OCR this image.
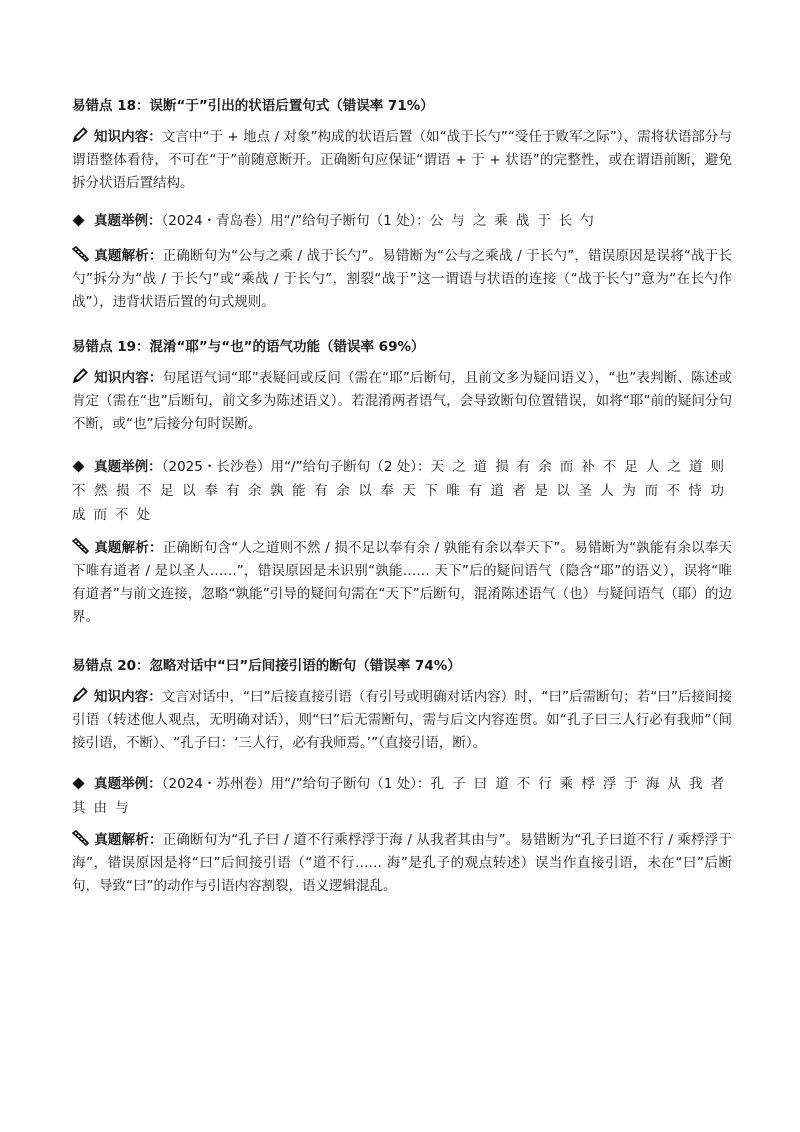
易错点 18：误断“于”引出的状语后置句式（错误率 71%）
知识内容：文言中“于 + 地点 / 对象”构成的状语后置（如“战于长勺”“受任于败军之际”），需将状语部分与谓语整体看待，不可在“于”前随意断开。正确断句应保证“谓语 + 于 + 状语”的完整性，或在谓语前断，避免拆分状语后置结构。
真题举例：（2024・青岛卷）用“/”给句子断句（1 处）：公与之乘战于长勺
真题解析：正确断句为“公与之乘 / 战于长勺”。易错断为“公与之乘战 / 于长勺”，错误原因是误将“战于长勺”拆分为“战 / 于长勺”或“乘战 / 于长勺”，割裂“战于”这一谓语与状语的连接（“战于长勺”意为“在长勺作战”），违背状语后置的句式规则。
易错点 19：混淆“耶”与“也”的语气功能（错误率 69%）
知识内容：句尾语气词“耶”表疑问或反问（需在“耶”后断句，且前文多为疑问语义），“也”表判断、陈述或肯定（需在“也”后断句，前文多为陈述语义）。若混淆两者语气，会导致断句位置错误，如将“耶”前的疑问分句不断，或“也”后接分句时误断。
真题举例：（2025・长沙卷）用“/”给句子断句（2 处）：天之道损有余而补不足人之道则不然损不足以奉有余孰能有余以奉天下唯有道者是以圣人为而不恃功成而不处
真题解析：正确断句含“人之道则不然 / 损不足以奉有余 / 孰能有余以奉天下”。易错断为“孰能有余以奉天下唯有道者 / 是以圣人……”，错误原因是未识别“孰能…… 天下”后的疑问语气（隐含“耶”的语义），误将“唯有道者”与前文连接，忽略“孰能”引导的疑问句需在“天下”后断句，混淆陈述语气（也）与疑问语气（耶）的边界。
易错点 20：忽略对话中“曰”后间接引语的断句（错误率 74%）
知识内容：文言对话中，“曰”后接直接引语（有引号或明确对话内容）时，“曰”后需断句；若“曰”后接间接引语（转述他人观点，无明确对话），则“曰”后无需断句，需与后文内容连贯。如“孔子曰三人行必有我师”（间接引语，不断）、“孔子曰：‘三人行，必有我师焉。’”（直接引语，断）。
真题举例：（2024・苏州卷）用“/”给句子断句（1 处）：孔子曰道不行乘桴浮于海从我者其由与
真题解析：正确断句为“孔子曰 / 道不行乘桴浮于海 / 从我者其由与”。易错断为“孔子曰道不行 / 乘桴浮于海”，错误原因是将“曰”后间接引语（“道不行…… 海”是孔子的观点转述）误当作直接引语，未在“曰”后断句，导致“曰”的动作与引语内容割裂，语义逻辑混乱。
